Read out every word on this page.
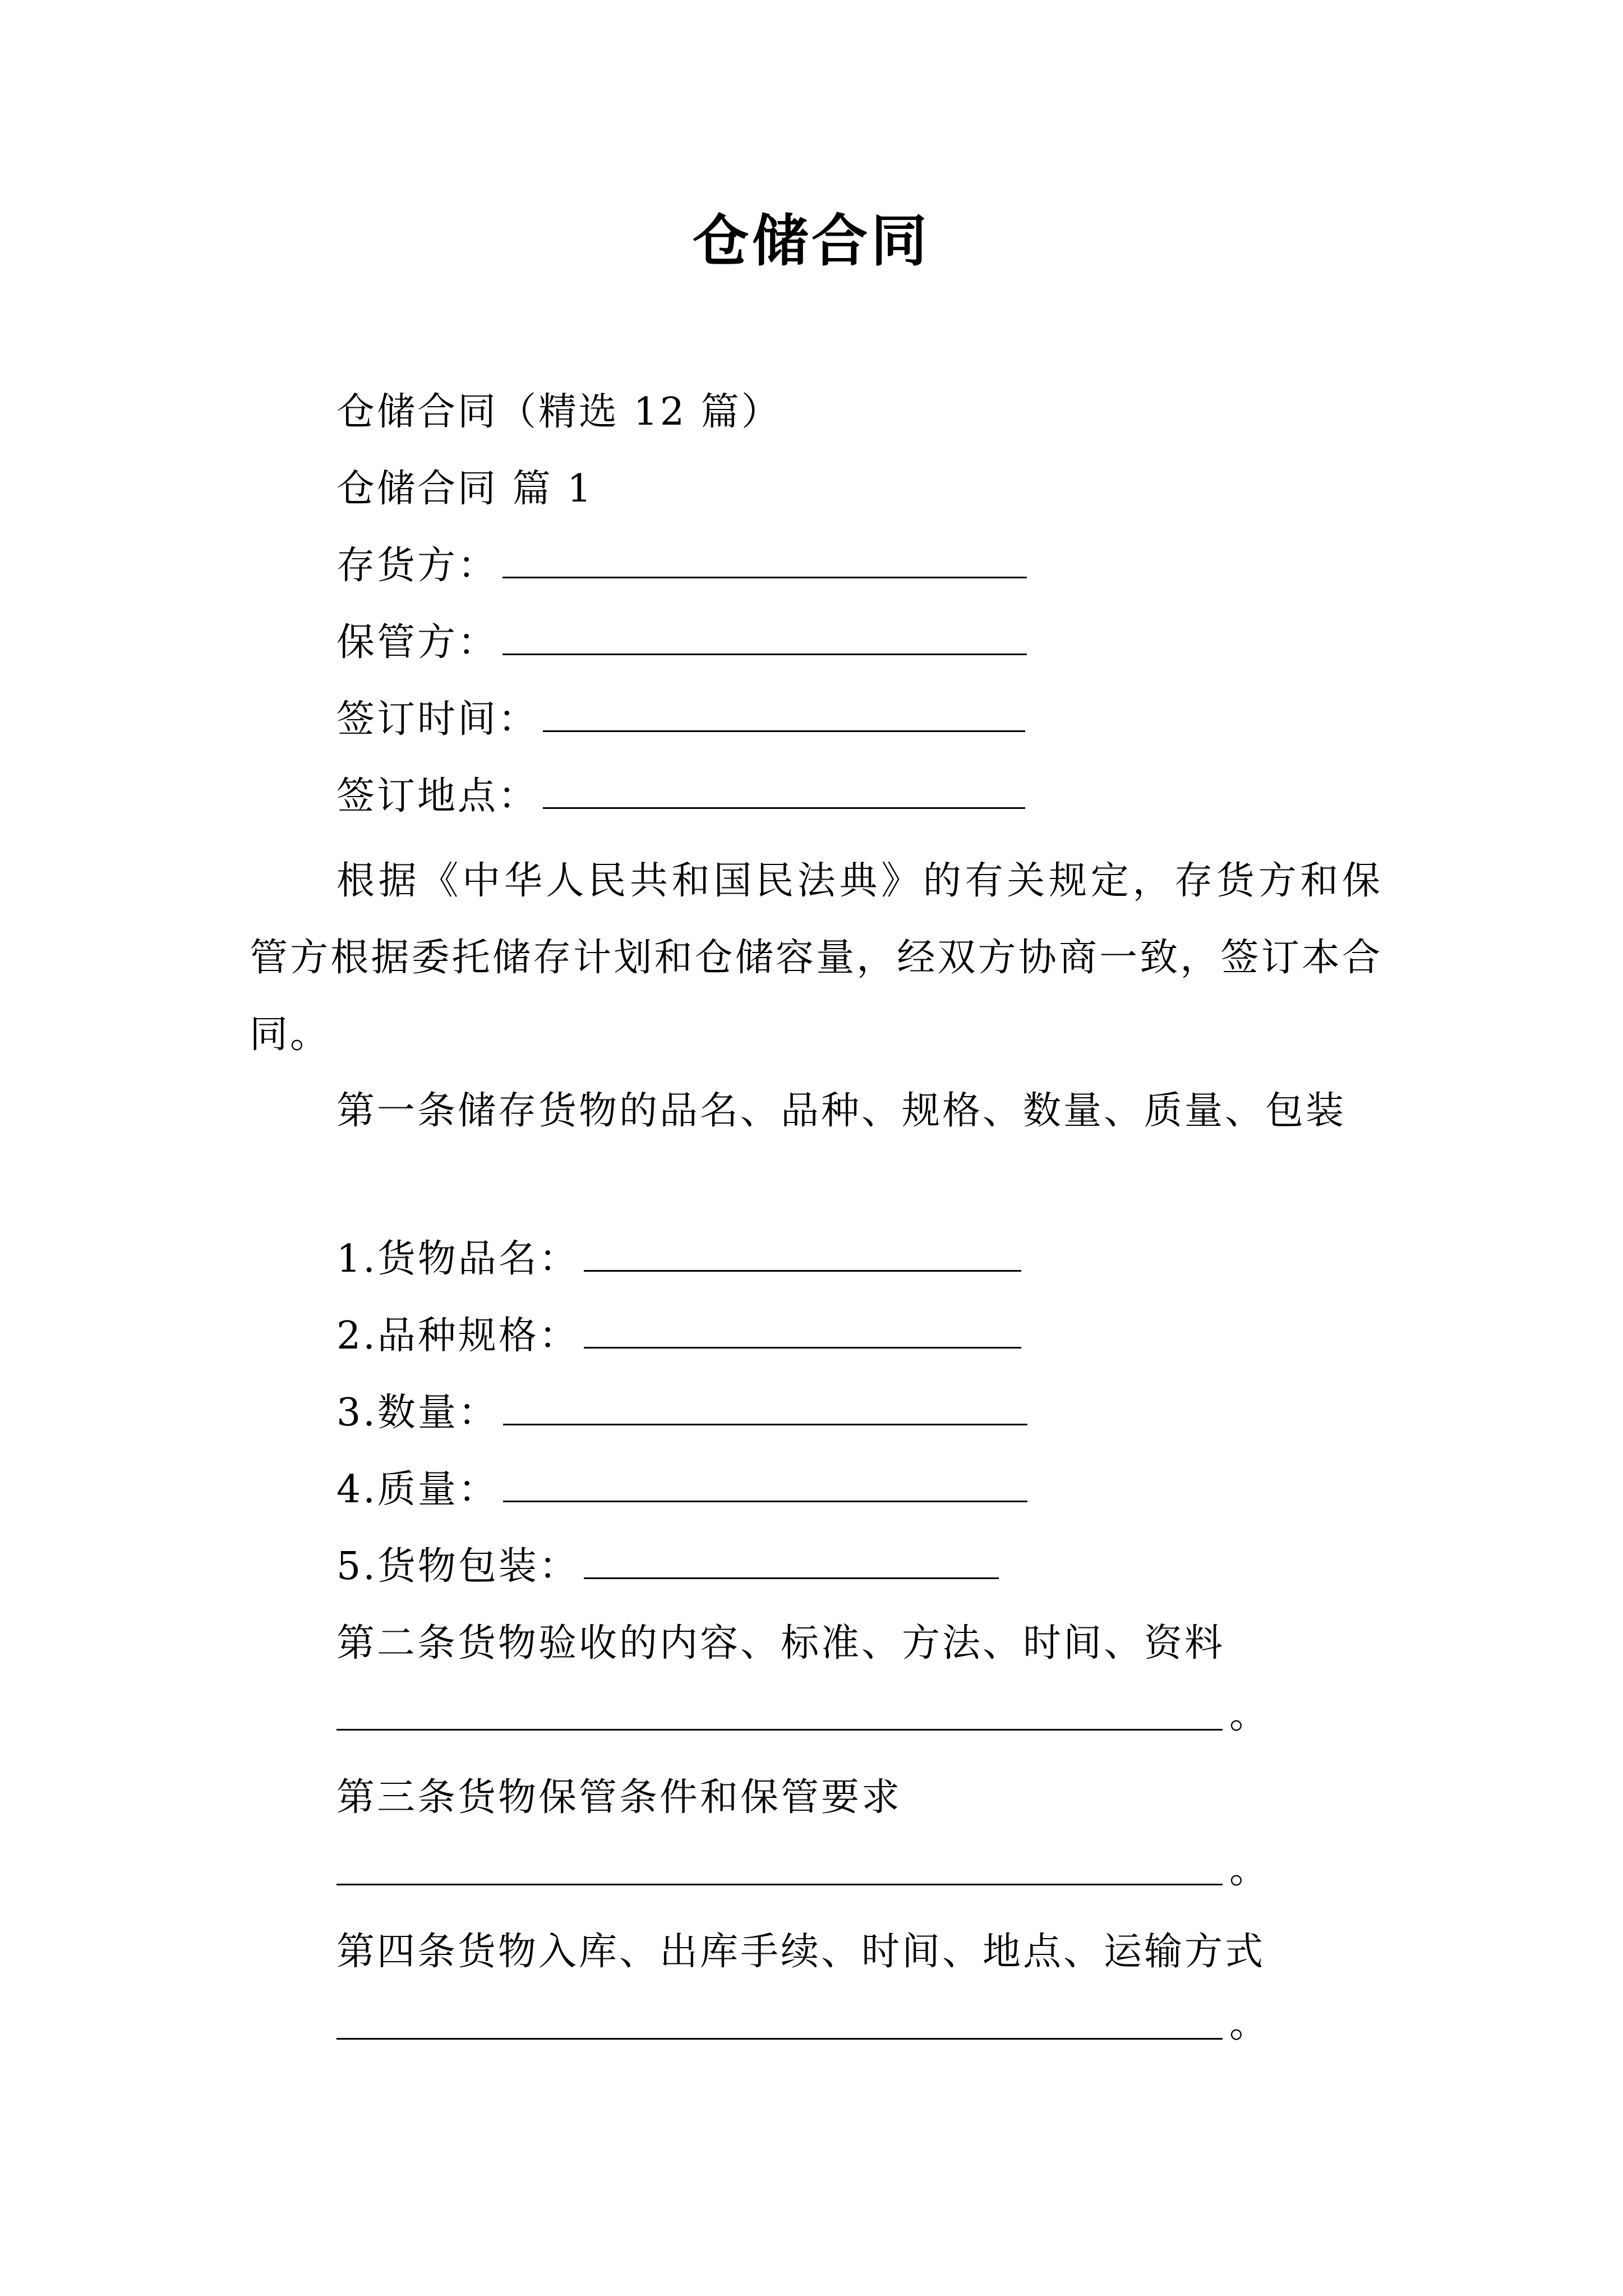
仓储合同
仓储合同（精选 12 篇）
仓储合同 篇 1
存货方：
保管方：
签订时间：
签订地点：
根据《中华人民共和国民法典》的有关规定，存货方和保管方根据委托储存计划和仓储容量，经双方协商一致，签订本合同。
第一条储存货物的品名、品种、规格、数量、质量、包装
1.货物品名：
2.品种规格：
3.数量：
4.质量：
5.货物包装：
第二条货物验收的内容、标准、方法、时间、资料
。
第三条货物保管条件和保管要求
。
第四条货物入库、出库手续、时间、地点、运输方式
。
